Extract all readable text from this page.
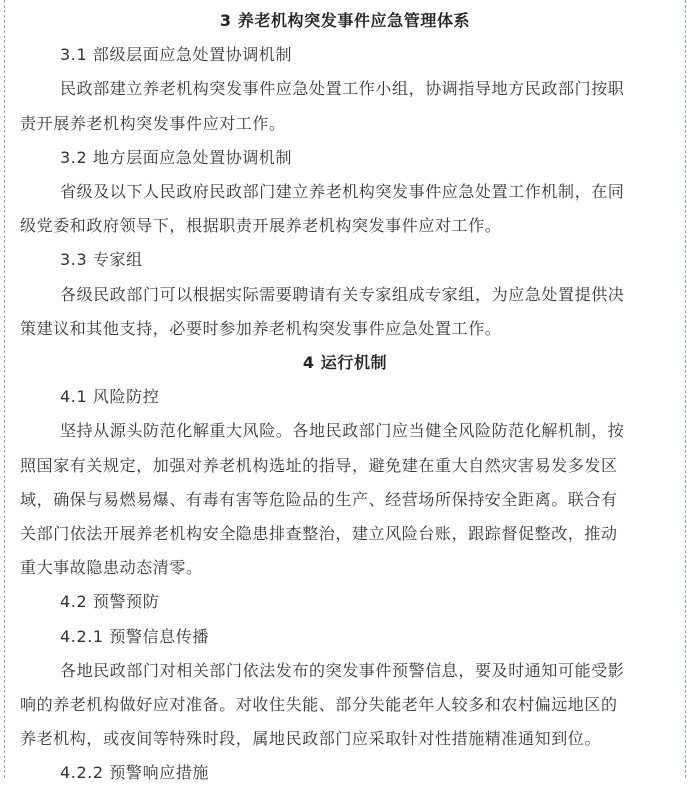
3 养老机构突发事件应急管理体系
3.1 部级层面应急处置协调机制
民政部建立养老机构突发事件应急处置工作小组，协调指导地方民政部门按职
责开展养老机构突发事件应对工作。
3.2 地方层面应急处置协调机制
省级及以下人民政府民政部门建立养老机构突发事件应急处置工作机制，在同
级党委和政府领导下，根据职责开展养老机构突发事件应对工作。
3.3 专家组
各级民政部门可以根据实际需要聘请有关专家组成专家组，为应急处置提供决
策建议和其他支持，必要时参加养老机构突发事件应急处置工作。
4 运行机制
4.1 风险防控
坚持从源头防范化解重大风险。各地民政部门应当健全风险防范化解机制，按
照国家有关规定，加强对养老机构选址的指导，避免建在重大自然灾害易发多发区
域，确保与易燃易爆、有毒有害等危险品的生产、经营场所保持安全距离。联合有
关部门依法开展养老机构安全隐患排查整治，建立风险台账，跟踪督促整改，推动
重大事故隐患动态清零。
4.2 预警预防
4.2.1 预警信息传播
各地民政部门对相关部门依法发布的突发事件预警信息，要及时通知可能受影
响的养老机构做好应对准备。对收住失能、部分失能老年人较多和农村偏远地区的
养老机构，或夜间等特殊时段，属地民政部门应采取针对性措施精准通知到位。
4.2.2 预警响应措施
